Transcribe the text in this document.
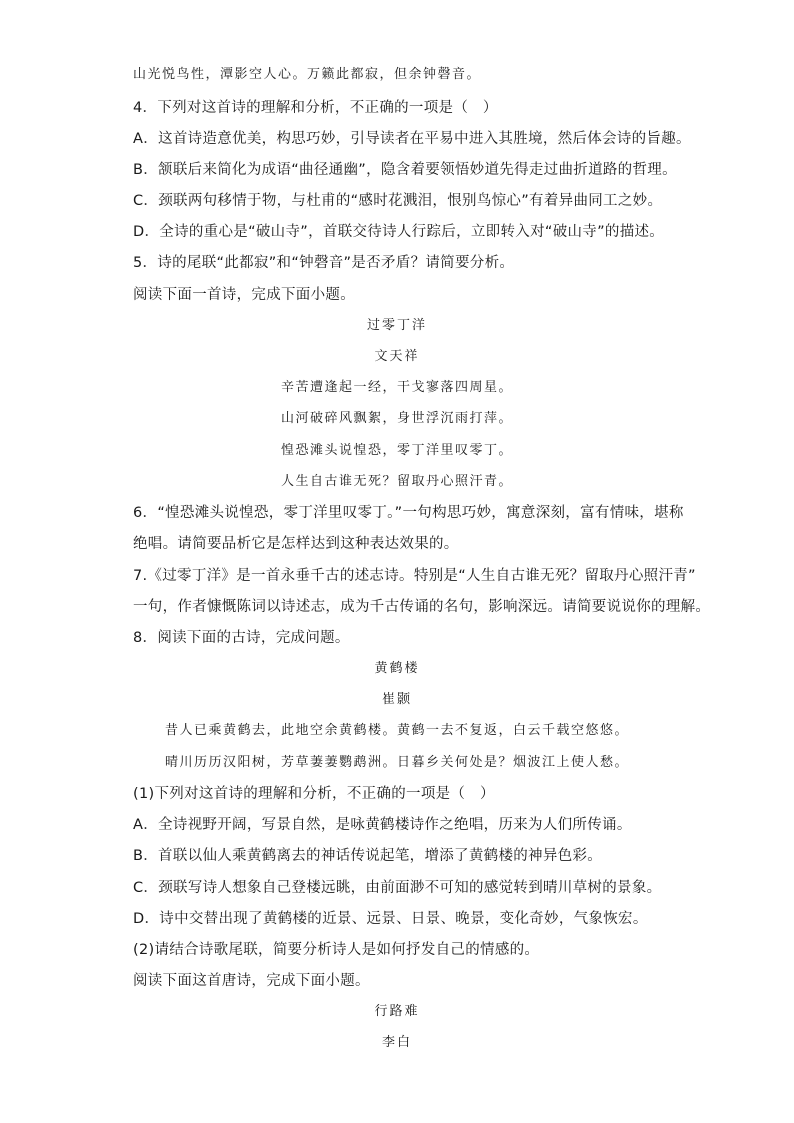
山光悦鸟性，潭影空人心。万籁此都寂，但余钟磬音。
4．下列对这首诗的理解和分析，不正确的一项是（　）
A．这首诗造意优美，构思巧妙，引导读者在平易中进入其胜境，然后体会诗的旨趣。
B．颔联后来简化为成语“曲径通幽”，隐含着要领悟妙道先得走过曲折道路的哲理。
C．颈联两句移情于物，与杜甫的“感时花溅泪，恨别鸟惊心”有着异曲同工之妙。
D．全诗的重心是“破山寺”，首联交待诗人行踪后，立即转入对“破山寺”的描述。
5．诗的尾联“此都寂”和“钟磬音”是否矛盾？请简要分析。
阅读下面一首诗，完成下面小题。
过零丁洋
文天祥
辛苦遭逢起一经，干戈寥落四周星。
山河破碎风飘絮，身世浮沉雨打萍。
惶恐滩头说惶恐，零丁洋里叹零丁。
人生自古谁无死？留取丹心照汗青。
6．“惶恐滩头说惶恐，零丁洋里叹零丁。”一句构思巧妙，寓意深刻，富有情味，堪称
绝唱。请简要品析它是怎样达到这种表达效果的。
7.《过零丁洋》是一首永垂千古的述志诗。特别是“人生自古谁无死？留取丹心照汗青”
一句，作者慷慨陈词以诗述志，成为千古传诵的名句，影响深远。请简要说说你的理解。
8．阅读下面的古诗，完成问题。
黄鹤楼
崔颢
昔人已乘黄鹤去，此地空余黄鹤楼。黄鹤一去不复返，白云千载空悠悠。
晴川历历汉阳树，芳草萋萋鹦鹉洲。日暮乡关何处是？烟波江上使人愁。
(1)下列对这首诗的理解和分析，不正确的一项是（　）
A．全诗视野开阔，写景自然，是咏黄鹤楼诗作之绝唱，历来为人们所传诵。
B．首联以仙人乘黄鹤离去的神话传说起笔，增添了黄鹤楼的神异色彩。
C．颈联写诗人想象自己登楼远眺，由前面渺不可知的感觉转到晴川草树的景象。
D．诗中交替出现了黄鹤楼的近景、远景、日景、晚景，变化奇妙，气象恢宏。
(2)请结合诗歌尾联，简要分析诗人是如何抒发自己的情感的。
阅读下面这首唐诗，完成下面小题。
行路难
李白
